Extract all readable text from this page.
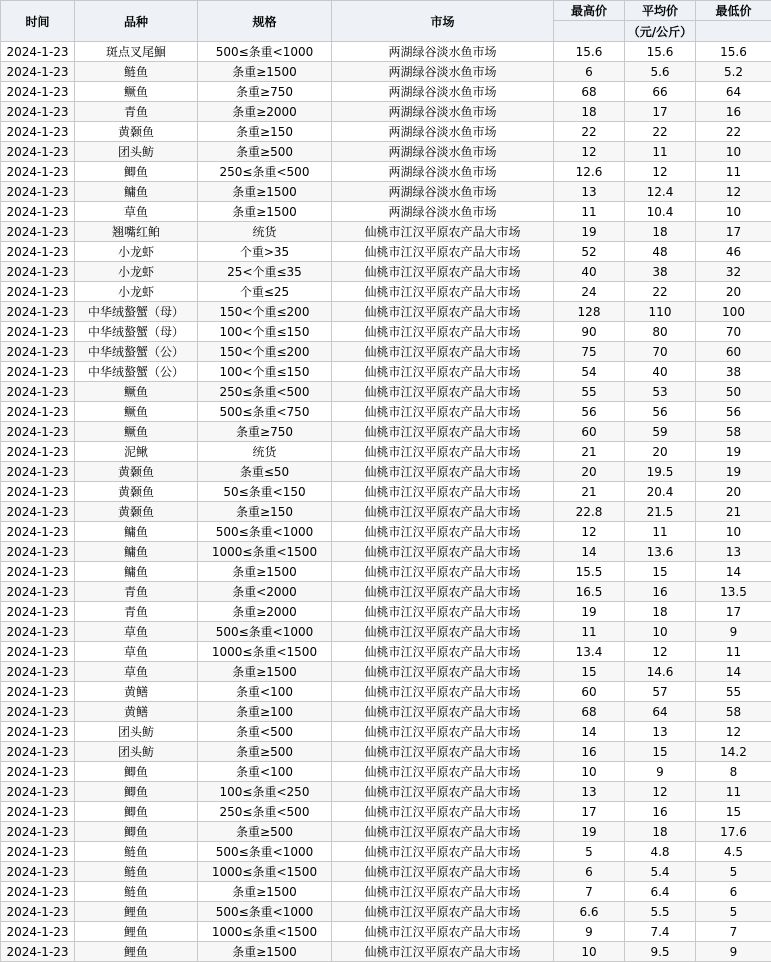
时间	品种	规格	市场	最高价	平均价	最低价
					（元/公斤）	
2024-1-23	斑点叉尾鮰	500≤条重<1000	两湖绿谷淡水鱼市场	15.6	15.6	15.6
2024-1-23	鲢鱼	条重≥1500	两湖绿谷淡水鱼市场	6	5.6	5.2
2024-1-23	鳜鱼	条重≥750	两湖绿谷淡水鱼市场	68	66	64
2024-1-23	青鱼	条重≥2000	两湖绿谷淡水鱼市场	18	17	16
2024-1-23	黄颡鱼	条重≥150	两湖绿谷淡水鱼市场	22	22	22
2024-1-23	团头鲂	条重≥500	两湖绿谷淡水鱼市场	12	11	10
2024-1-23	鲫鱼	250≤条重<500	两湖绿谷淡水鱼市场	12.6	12	11
2024-1-23	鳙鱼	条重≥1500	两湖绿谷淡水鱼市场	13	12.4	12
2024-1-23	草鱼	条重≥1500	两湖绿谷淡水鱼市场	11	10.4	10
2024-1-23	翘嘴红鲌	统货	仙桃市江汉平原农产品大市场	19	18	17
2024-1-23	小龙虾	个重>35	仙桃市江汉平原农产品大市场	52	48	46
2024-1-23	小龙虾	25<个重≤35	仙桃市江汉平原农产品大市场	40	38	32
2024-1-23	小龙虾	个重≤25	仙桃市江汉平原农产品大市场	24	22	20
2024-1-23	中华绒螯蟹（母）	150<个重≤200	仙桃市江汉平原农产品大市场	128	110	100
2024-1-23	中华绒螯蟹（母）	100<个重≤150	仙桃市江汉平原农产品大市场	90	80	70
2024-1-23	中华绒螯蟹（公）	150<个重≤200	仙桃市江汉平原农产品大市场	75	70	60
2024-1-23	中华绒螯蟹（公）	100<个重≤150	仙桃市江汉平原农产品大市场	54	40	38
2024-1-23	鳜鱼	250≤条重<500	仙桃市江汉平原农产品大市场	55	53	50
2024-1-23	鳜鱼	500≤条重<750	仙桃市江汉平原农产品大市场	56	56	56
2024-1-23	鳜鱼	条重≥750	仙桃市江汉平原农产品大市场	60	59	58
2024-1-23	泥鳅	统货	仙桃市江汉平原农产品大市场	21	20	19
2024-1-23	黄颡鱼	条重≤50	仙桃市江汉平原农产品大市场	20	19.5	19
2024-1-23	黄颡鱼	50≤条重<150	仙桃市江汉平原农产品大市场	21	20.4	20
2024-1-23	黄颡鱼	条重≥150	仙桃市江汉平原农产品大市场	22.8	21.5	21
2024-1-23	鳙鱼	500≤条重<1000	仙桃市江汉平原农产品大市场	12	11	10
2024-1-23	鳙鱼	1000≤条重<1500	仙桃市江汉平原农产品大市场	14	13.6	13
2024-1-23	鳙鱼	条重≥1500	仙桃市江汉平原农产品大市场	15.5	15	14
2024-1-23	青鱼	条重<2000	仙桃市江汉平原农产品大市场	16.5	16	13.5
2024-1-23	青鱼	条重≥2000	仙桃市江汉平原农产品大市场	19	18	17
2024-1-23	草鱼	500≤条重<1000	仙桃市江汉平原农产品大市场	11	10	9
2024-1-23	草鱼	1000≤条重<1500	仙桃市江汉平原农产品大市场	13.4	12	11
2024-1-23	草鱼	条重≥1500	仙桃市江汉平原农产品大市场	15	14.6	14
2024-1-23	黄鳝	条重<100	仙桃市江汉平原农产品大市场	60	57	55
2024-1-23	黄鳝	条重≥100	仙桃市江汉平原农产品大市场	68	64	58
2024-1-23	团头鲂	条重<500	仙桃市江汉平原农产品大市场	14	13	12
2024-1-23	团头鲂	条重≥500	仙桃市江汉平原农产品大市场	16	15	14.2
2024-1-23	鲫鱼	条重<100	仙桃市江汉平原农产品大市场	10	9	8
2024-1-23	鲫鱼	100≤条重<250	仙桃市江汉平原农产品大市场	13	12	11
2024-1-23	鲫鱼	250≤条重<500	仙桃市江汉平原农产品大市场	17	16	15
2024-1-23	鲫鱼	条重≥500	仙桃市江汉平原农产品大市场	19	18	17.6
2024-1-23	鲢鱼	500≤条重<1000	仙桃市江汉平原农产品大市场	5	4.8	4.5
2024-1-23	鲢鱼	1000≤条重<1500	仙桃市江汉平原农产品大市场	6	5.4	5
2024-1-23	鲢鱼	条重≥1500	仙桃市江汉平原农产品大市场	7	6.4	6
2024-1-23	鲤鱼	500≤条重<1000	仙桃市江汉平原农产品大市场	6.6	5.5	5
2024-1-23	鲤鱼	1000≤条重<1500	仙桃市江汉平原农产品大市场	9	7.4	7
2024-1-23	鲤鱼	条重≥1500	仙桃市江汉平原农产品大市场	10	9.5	9
